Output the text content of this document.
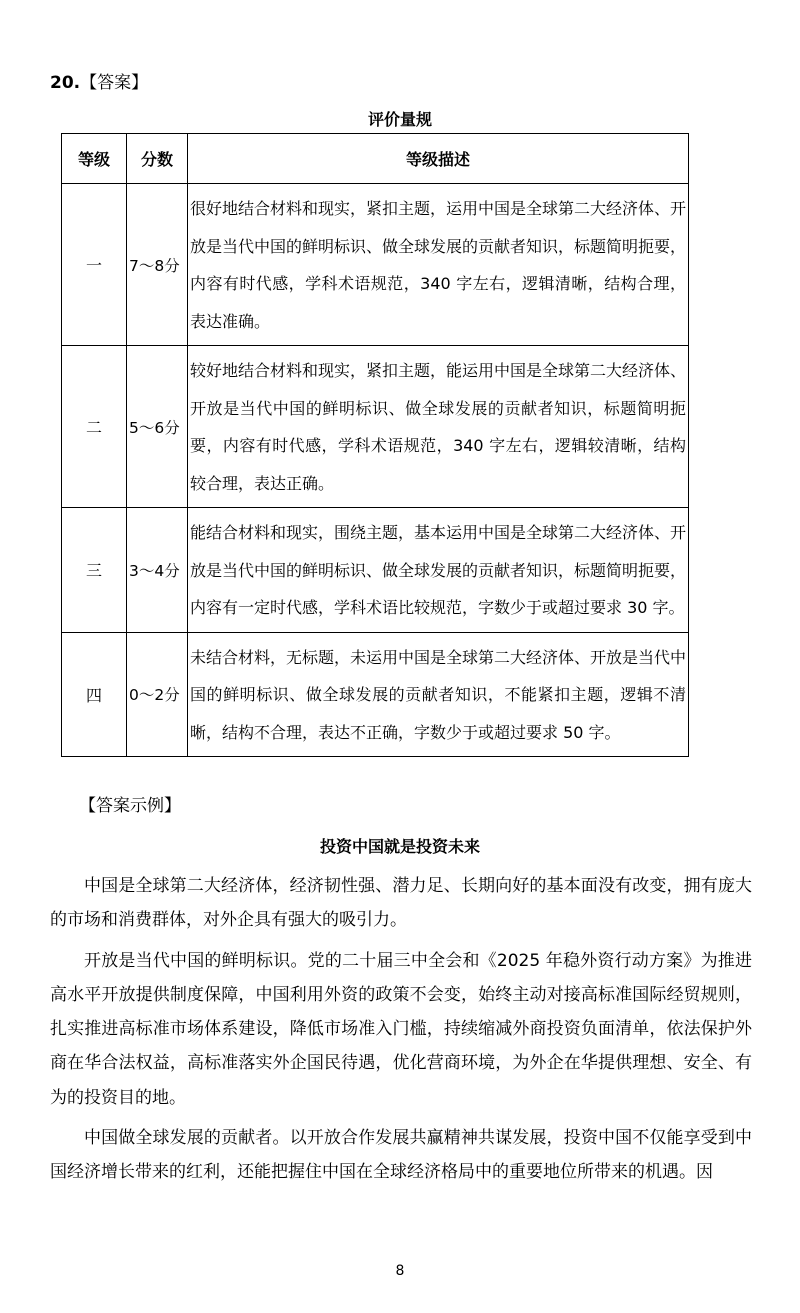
20.【答案】
评价量规
等级	分数	等级描述
一	7～8分	很好地结合材料和现实，紧扣主题，运用中国是全球第二大经济体、开放是当代中国的鲜明标识、做全球发展的贡献者知识，标题简明扼要，内容有时代感，学科术语规范，340 字左右，逻辑清晰，结构合理，表达准确。
二	5～6分	较好地结合材料和现实，紧扣主题，能运用中国是全球第二大经济体、开放是当代中国的鲜明标识、做全球发展的贡献者知识，标题简明扼要，内容有时代感，学科术语规范，340 字左右，逻辑较清晰，结构较合理，表达正确。
三	3～4分	能结合材料和现实，围绕主题，基本运用中国是全球第二大经济体、开放是当代中国的鲜明标识、做全球发展的贡献者知识，标题简明扼要，内容有一定时代感，学科术语比较规范，字数少于或超过要求 30 字。
四	0～2分	未结合材料，无标题，未运用中国是全球第二大经济体、开放是当代中国的鲜明标识、做全球发展的贡献者知识，不能紧扣主题，逻辑不清晰，结构不合理，表达不正确，字数少于或超过要求 50 字。
【答案示例】
投资中国就是投资未来

中国是全球第二大经济体，经济韧性强、潜力足、长期向好的基本面没有改变，拥有庞大的市场和消费群体，对外企具有强大的吸引力。

开放是当代中国的鲜明标识。党的二十届三中全会和《2025 年稳外资行动方案》为推进高水平开放提供制度保障，中国利用外资的政策不会变，始终主动对接高标准国际经贸规则，扎实推进高标准市场体系建设，降低市场准入门槛，持续缩减外商投资负面清单，依法保护外商在华合法权益，高标准落实外企国民待遇，优化营商环境，为外企在华提供理想、安全、有为的投资目的地。

中国做全球发展的贡献者。以开放合作发展共赢精神共谋发展，投资中国不仅能享受到中国经济增长带来的红利，还能把握住中国在全球经济格局中的重要地位所带来的机遇。因

8
